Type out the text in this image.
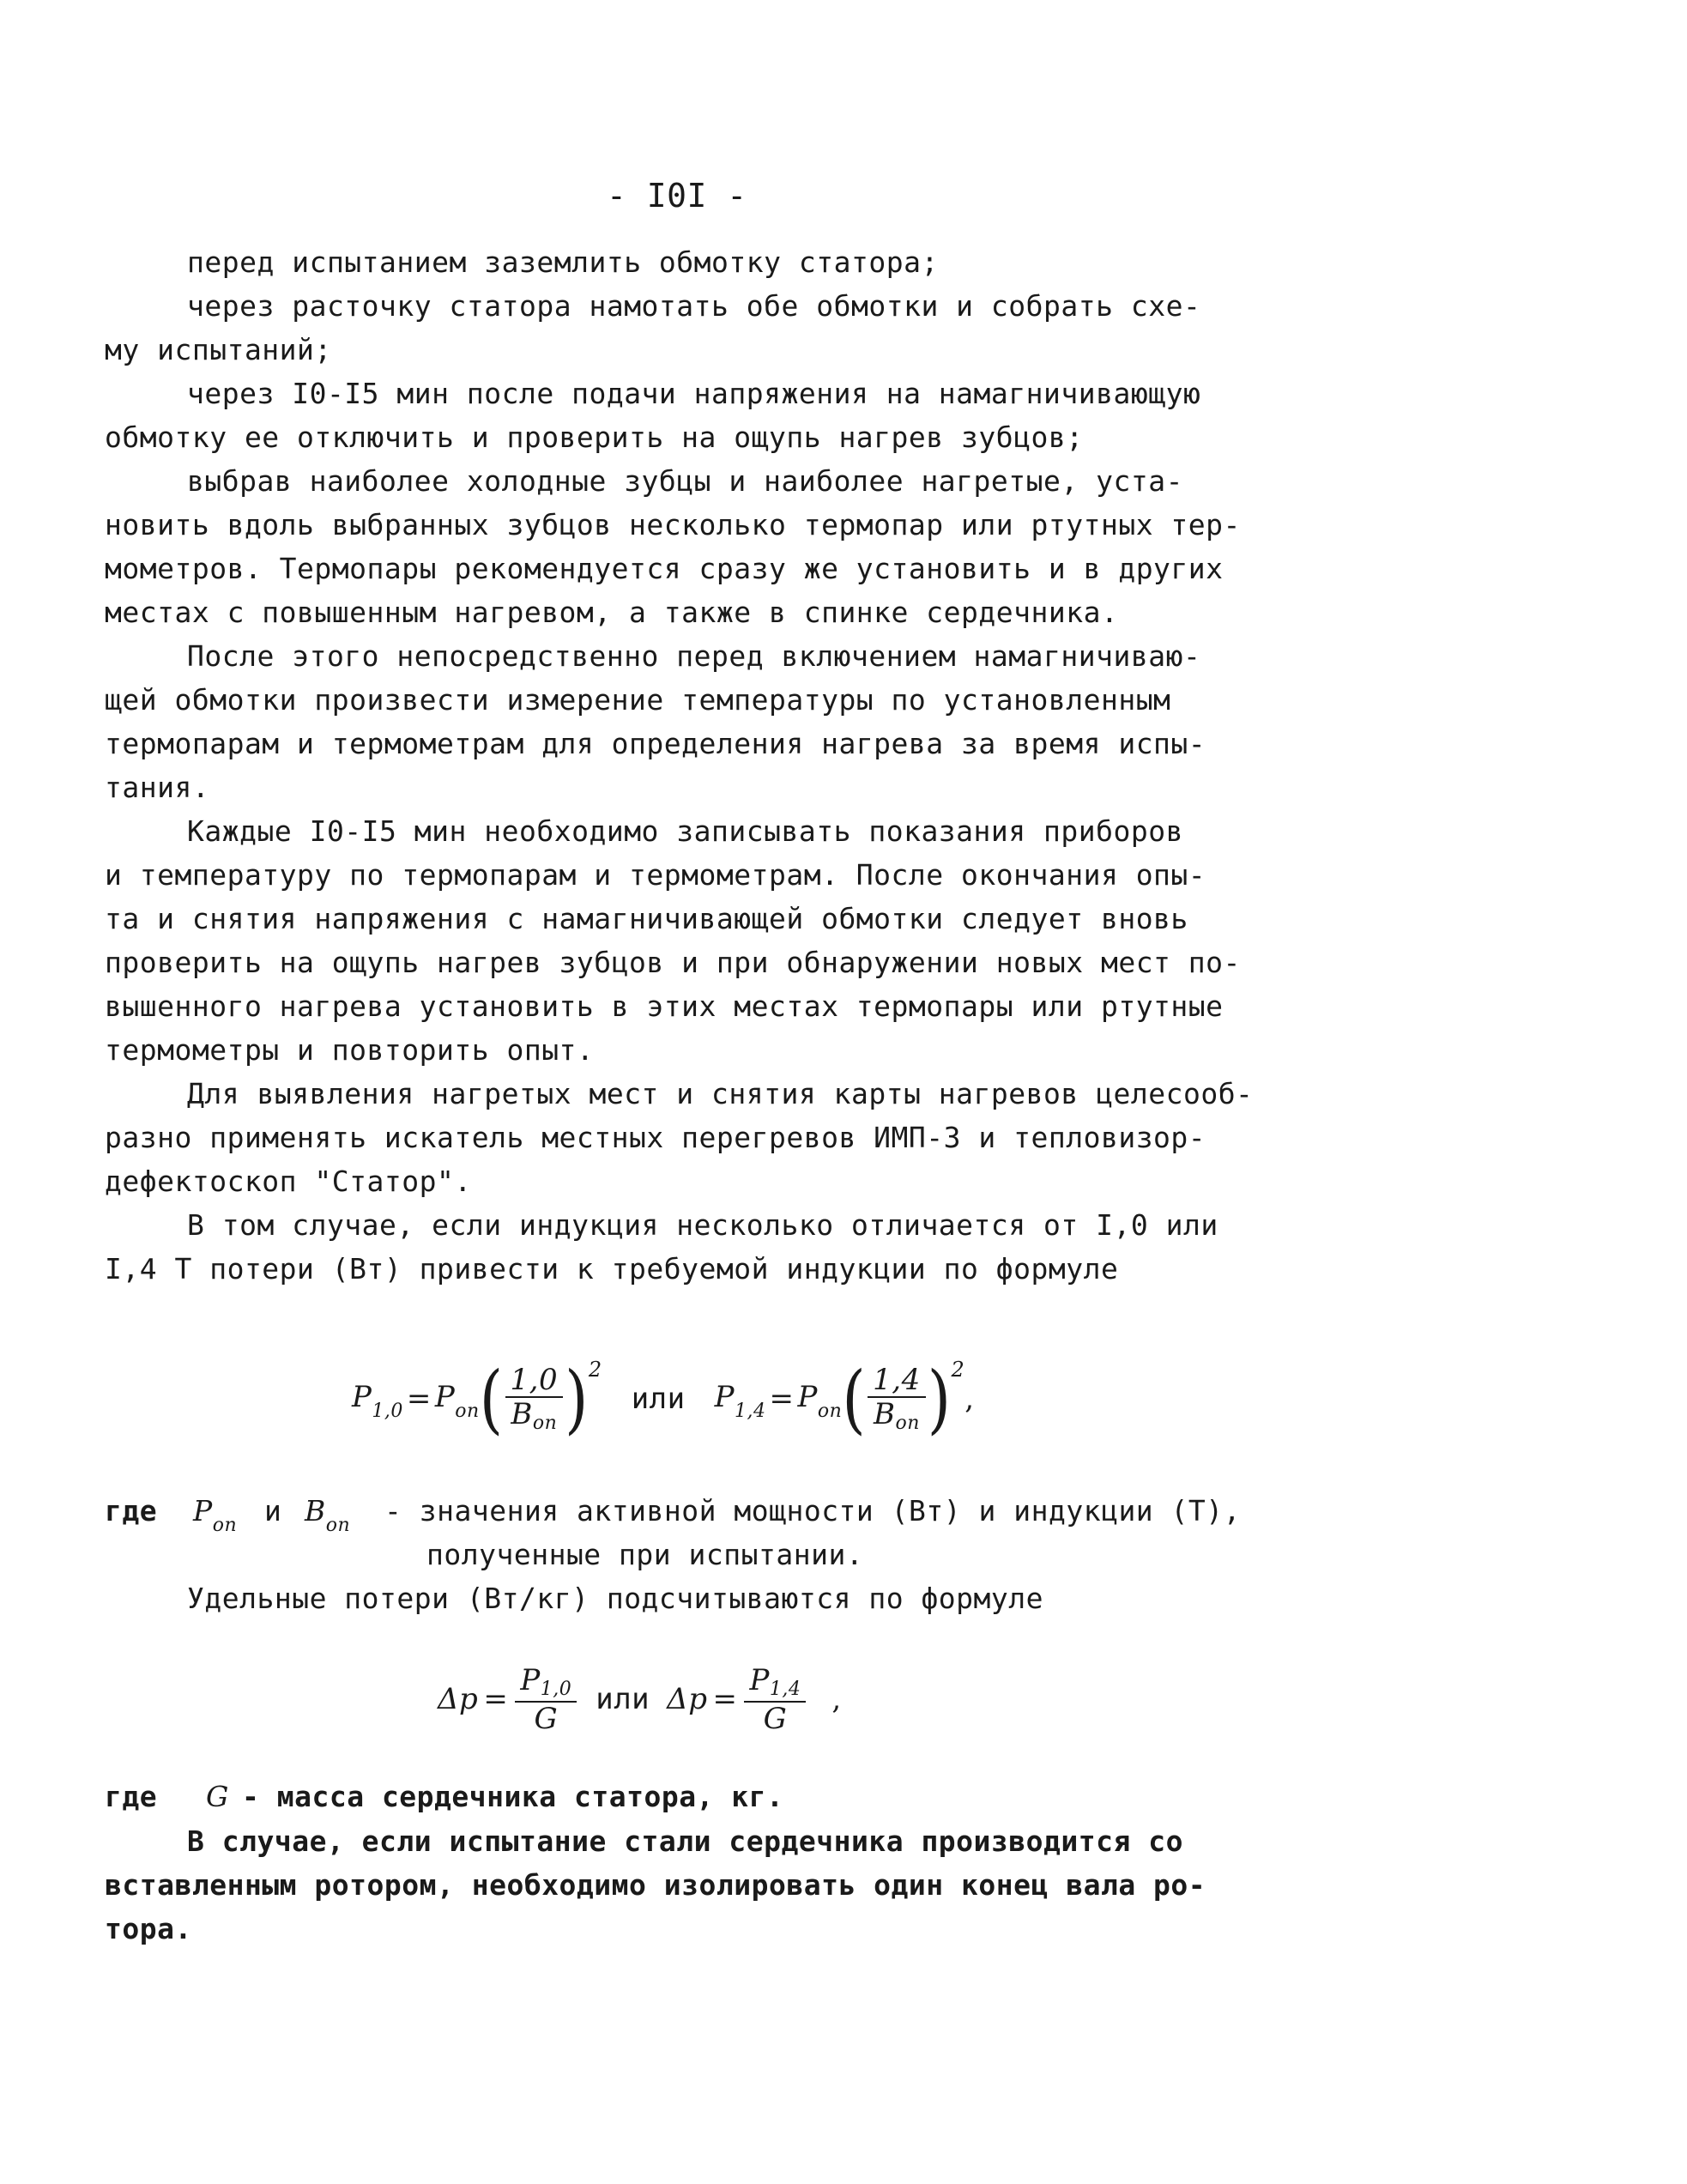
- I0I -
перед испытанием заземлить обмотку статора;
через расточку статора намотать обе обмотки и собрать схе-
му испытаний;
через I0-I5 мин после подачи напряжения на намагничивающую
обмотку ее отключить и проверить на ощупь нагрев зубцов;
выбрав наиболее холодные зубцы и наиболее нагретые, уста-
новить вдоль выбранных зубцов несколько термопар или ртутных тер-
мометров. Термопары рекомендуется сразу же установить и в других
местах с повышенным нагревом, а также в спинке сердечника.
После этого непосредственно перед включением намагничиваю-
щей обмотки произвести измерение температуры по установленным
термопарам и термометрам для определения нагрева за время испы-
тания.
Каждые I0-I5 мин необходимо записывать показания приборов
и температуру по термопарам и термометрам. После окончания опы-
та и снятия напряжения с намагничивающей обмотки следует вновь
проверить на ощупь нагрев зубцов и при обнаружении новых мест по-
вышенного нагрева установить в этих местах термопары или ртутные
термометры и повторить опыт.
Для выявления нагретых мест и снятия карты нагревов целесооб-
разно применять искатель местных перегревов ИМП-3 и тепловизор-
дефектоскоп "Статор".
В том случае, если индукция несколько отличается от I,0 или
I,4 Т потери (Вт) привести к требуемой индукции по формуле
$P_{1,0} = P_{оп}$ ( $\frac{1,0}{\text{Bоп}}$ ) 2
или $P_{1,4} = P_{оп}$ ( $\frac{1,4}{\text{Bоп}}$ ) 2
,
где $P_{оп}$ и $B_{оп}$ - значения активной мощности (Вт) и индукции (Т),
полученные при испытании.
Удельные потери (Вт/кг) подсчитываются по формуле
$\Delta p = \frac{P1,0}{G}$ или $\Delta p = \frac{P1,4}{G}$ ,
где G - масса сердечника статора, кг.
В случае, если испытание стали сердечника производится со
вставленным ротором, необходимо изолировать один конец вала ро-
тора.
